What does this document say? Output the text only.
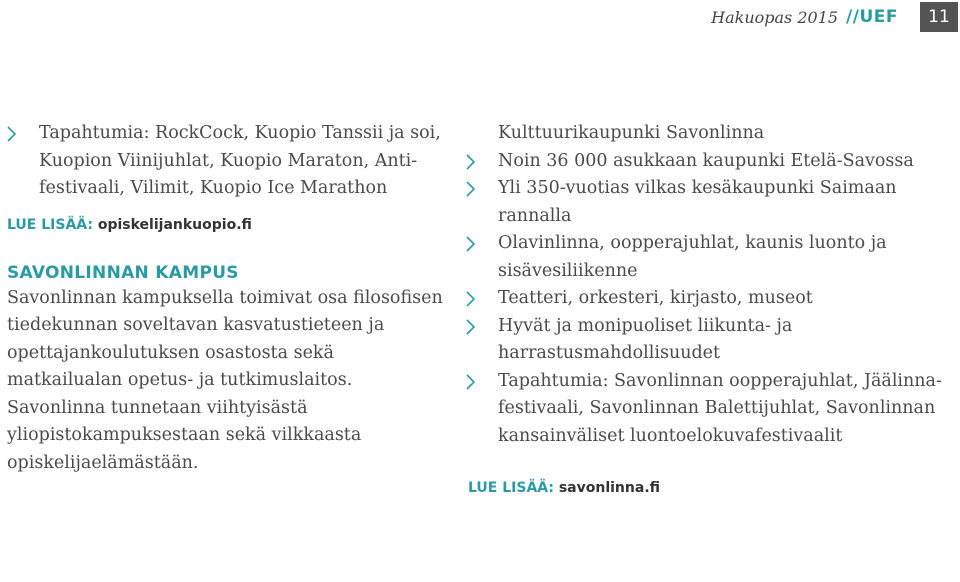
Hakuopas 2015 //UEF	11
Tapahtumia: RockCock, Kuopio Tanssii ja soi, Kuopion Viinijuhlat, Kuopio Maraton, Anti-festivaali, Vilimit, Kuopio Ice Marathon
LUE LISÄÄ: opiskelijankuopio.fi
SAVONLINNAN KAMPUS

Savonlinnan kampuksella toimivat osa filosofisen tiedekunnan soveltavan kasvatustieteen ja opettajankoulutuksen osastosta sekä matkailualan opetus- ja tutkimuslaitos. Savonlinna tunnetaan viihtyisästä yliopistokampuksestaan sekä vilkkaasta opiskelijaelämästään.

Kulttuurikaupunki Savonlinna
Noin 36 000 asukkaan kaupunki Etelä-Savossa
Yli 350-vuotias vilkas kesäkaupunki Saimaan rannalla
Olavinlinna, oopperajuhlat, kaunis luonto ja sisävesiliikenne
Teatteri, orkesteri, kirjasto, museot
Hyvät ja monipuoliset liikunta- ja harrastusmahdollisuudet
Tapahtumia: Savonlinnan oopperajuhlat, Jäälinna-festivaali, Savonlinnan Balettijuhlat, Savonlinnan kansainväliset luontoelokuvafestivaalit
LUE LISÄÄ: savonlinna.fi
